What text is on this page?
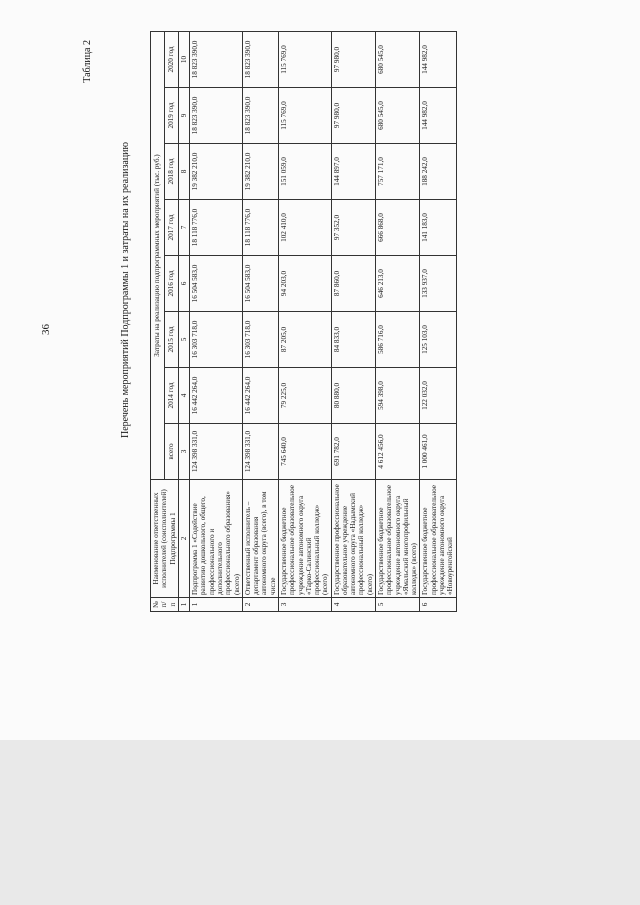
36
Таблица 2
Перечень мероприятий Подпрограммы 1 и затраты на их реализацию
№ п/п	Наименование ответственных исполнителей (соисполнителей) Подпрограммы 1	Затраты на реализацию подпрограммных мероприятий (тыс. руб.)							
		всего	2014 год	2015 год	2016 год	2017 год	2018 год	2019 год	2020 год
1	2	3	4	5	6	7	8	9	10
1	Подпрограмма 1 «Содействие развитию дошкольного, общего, профессионального и дополнительного профессионального образования» (всего)	124 398 331,0	16 442 264,0	16 303 718,0	16 504 583,0	18 118 776,0	19 382 210,0	18 823 390,0	18 823 390,0
2	Ответственный исполнитель – департамент образования автономного округа (всего), в том числе	124 398 331,0	16 442 264,0	16 303 718,0	16 504 583,0	18 118 776,0	19 382 210,0	18 823 390,0	18 823 390,0
3	Государственное бюджетное профессиональное образовательное учреждение автономного округа «Тарко-Салинский профессиональный колледж» (всего)	745 640,0	79 225,0	87 205,0	94 203,0	102 410,0	151 059,0	115 769,0	115 769,0
4	Государственное профессиональное образовательное учреждение автономного округа «Надымский профессиональный колледж» (всего)	691 782,0	80 880,0	84 833,0	87 860,0	97 352,0	144 897,0	97 980,0	97 980,0
5	Государственное бюджетное профессиональное образовательное учреждение автономного округа «Ямальский многопрофильный колледж» (всего)	4 612 456,0	594 398,0	586 716,0	646 213,0	666 868,0	757 171,0	680 545,0	680 545,0
6	Государственное бюджетное профессиональное образовательное учреждение автономного округа «Новоуренгойский	1 000 461,0	122 032,0	125 103,0	133 937,0	141 183,0	188 242,0	144 982,0	144 982,0
